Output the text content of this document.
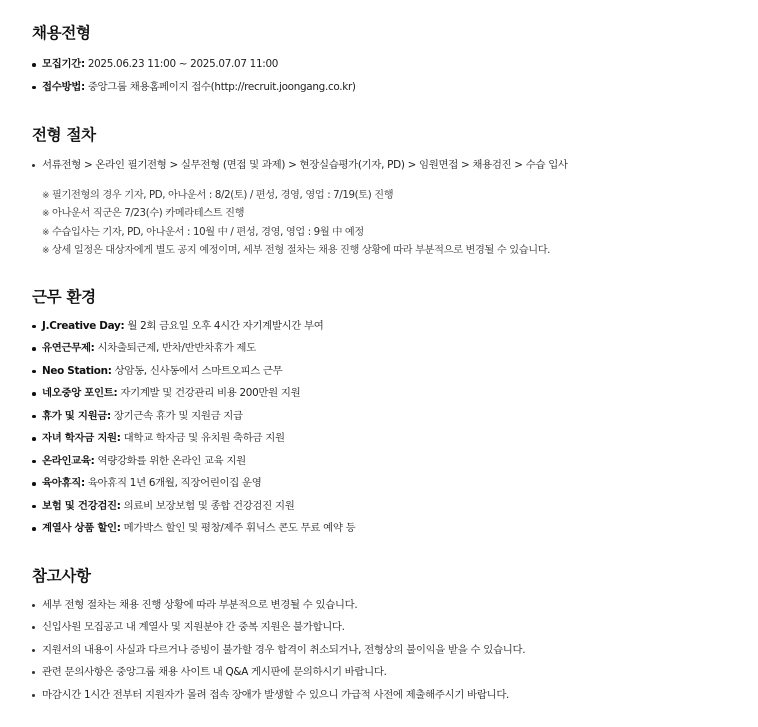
채용전형
모집기간: 2025.06.23 11:00 ~ 2025.07.07 11:00
접수방법: 중앙그룹 채용홈페이지 접수(http://recruit.joongang.co.kr)
전형 절차
서류전형 > 온라인 필기전형 > 실무전형 (면접 및 과제) > 현장실습평가(기자, PD) > 임원면접 > 채용검진 > 수습 입사
※ 필기전형의 경우 기자, PD, 아나운서 : 8/2(토) / 편성, 경영, 영업 : 7/19(토) 진행
※ 아나운서 직군은 7/23(수) 카메라테스트 진행
※ 수습입사는 기자, PD, 아나운서 : 10월 中 / 편성, 경영, 영업 : 9월 中 예정
※ 상세 일정은 대상자에게 별도 공지 예정이며, 세부 전형 절차는 채용 진행 상황에 따라 부분적으로 변경될 수 있습니다.
근무 환경
J.Creative Day: 월 2회 금요일 오후 4시간 자기계발시간 부여
유연근무제: 시차출퇴근제, 반차/반반차휴가 제도
Neo Station: 상암동, 신사동에서 스마트오피스 근무
네오중앙 포인트: 자기계발 및 건강관리 비용 200만원 지원
휴가 및 지원금: 장기근속 휴가 및 지원금 지급
자녀 학자금 지원: 대학교 학자금 및 유치원 축하금 지원
온라인교육: 역량강화를 위한 온라인 교육 지원
육아휴직: 육아휴직 1년 6개월, 직장어린이집 운영
보험 및 건강검진: 의료비 보장보험 및 종합 건강검진 지원
계열사 상품 할인: 메가박스 할인 및 평창/제주 휘닉스 콘도 무료 예약 등
참고사항
세부 전형 절차는 채용 진행 상황에 따라 부분적으로 변경될 수 있습니다.
신입사원 모집공고 내 계열사 및 지원분야 간 중복 지원은 불가합니다.
지원서의 내용이 사실과 다르거나 증빙이 불가할 경우 합격이 취소되거나, 전형상의 불이익을 받을 수 있습니다.
관련 문의사항은 중앙그룹 채용 사이트 내 Q&A 게시판에 문의하시기 바랍니다.
마감시간 1시간 전부터 지원자가 몰려 접속 장애가 발생할 수 있으니 가급적 사전에 제출해주시기 바랍니다.
